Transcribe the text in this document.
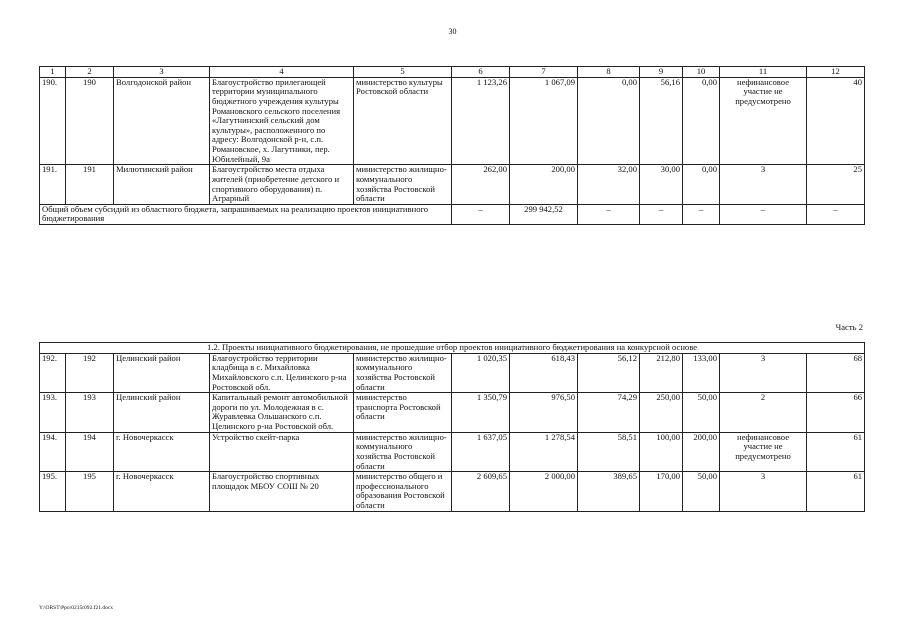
30
1	2	3	4	5	6	7	8	9	10	11	12
190.	190	Волгодонской район	Благоустройство прилегающей территории муниципального бюджетного учреждения культуры Романовского сельского поселения «Лагутнинский сельский дом культуры», расположенного по адресу: Волгодонской р-н, с.п. Романовское, х. Лагутники, пер. Юбилейный, 9а	министерство культуры Ростовской области	1 123,26	1 067,09	0,00	56,16	0,00	нефинансовое участие не предусмотрено	40
191.	191	Милютинский район	Благоустройство места отдыха жителей (приобретение детского и спортивного оборудования) п. Аграрный	министерство жилищно-коммунального хозяйства Ростовской области	262,00	200,00	32,00	30,00	0,00	3	25
Общий объем субсидий из областного бюджета, запрашиваемых на реализацию проектов инициативного бюджетирования					–	299 942,52	–	–	–	–	–
Часть 2
1.2. Проекты инициативного бюджетирования, не прошедшие отбор проектов инициативного бюджетирования на конкурсной основе											
192.	192	Целинский район	Благоустройство территории кладбища в с. Михайловка Михайловского с.п. Целинского р-на Ростовской обл.	министерство жилищно-коммунального хозяйства Ростовской области	1 020,35	618,43	56,12	212,80	133,00	3	68
193.	193	Целинский район	Капитальный ремонт автомобильной дороги по ул. Молодежная в с. Журавлевка Ольшанского с.п. Целинского р-на Ростовской обл.	министерство транспорта Ростовской области	1 350,79	976,50	74,29	250,00	50,00	2	66
194.	194	г. Новочеркасск	Устройство скейт-парка	министерство жилищно-коммунального хозяйства Ростовской области	1 637,05	1 278,54	58,51	100,00	200,00	нефинансовое участие не предусмотрено	61
195.	195	г. Новочеркасск	Благоустройство спортивных площадок МБОУ СОШ № 20	министерство общего и профессионального образования Ростовской области	2 609,65	2 000,00	389,65	170,00	50,00	3	61
Y:\ORST\Ppo\0215r092.f21.docx
